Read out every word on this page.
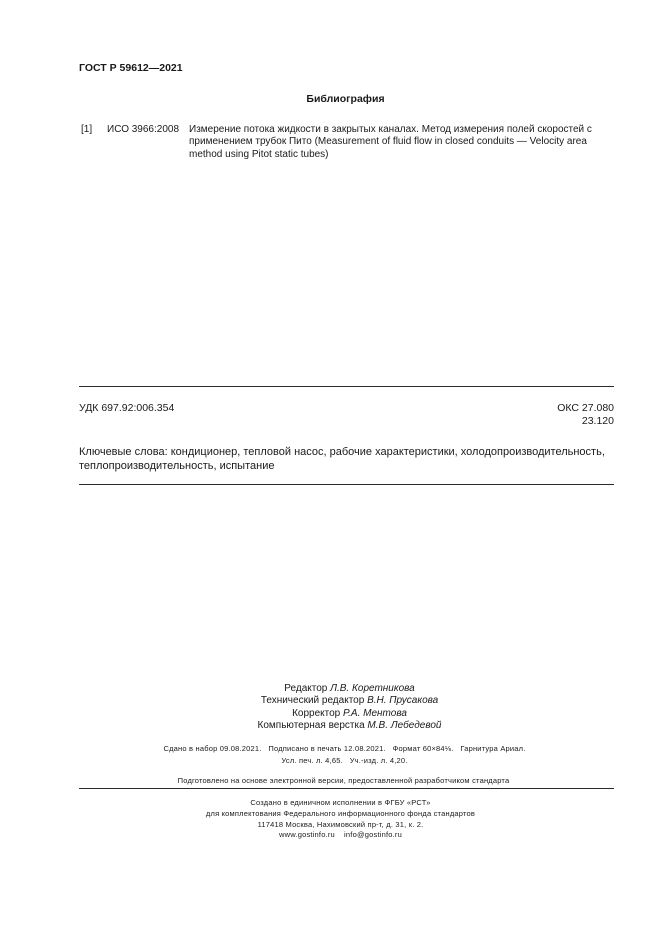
ГОСТ Р 59612—2021
Библиография
[1] ИСО 3966:2008 Измерение потока жидкости в закрытых каналах. Метод измерения полей скоростей с применением трубок Пито (Measurement of fluid flow in closed conduits — Velocity area method using Pitot static tubes)
УДК 697.92:006.354	ОКС 27.080
23.120
Ключевые слова: кондиционер, тепловой насос, рабочие характеристики, холодопроизводительность, теплопроизводительность, испытание
Редактор Л.В. Коретникова
Технический редактор В.Н. Прусакова
Корректор Р.А. Ментова
Компьютерная верстка М.В. Лебедевой
Сдано в набор 09.08.2021.   Подписано в печать 12.08.2021.   Формат 60×84⅛.   Гарнитура Ариал.
Усл. печ. л. 4,65.   Уч.-изд. л. 4,20.
Подготовлено на основе электронной версии, предоставленной разработчиком стандарта
Создано в единичном исполнении в ФГБУ «РСТ»
для комплектования Федерального информационного фонда стандартов
117418 Москва, Нахимовский пр-т, д. 31, к. 2.
www.gostinfo.ru    info@gostinfo.ru
